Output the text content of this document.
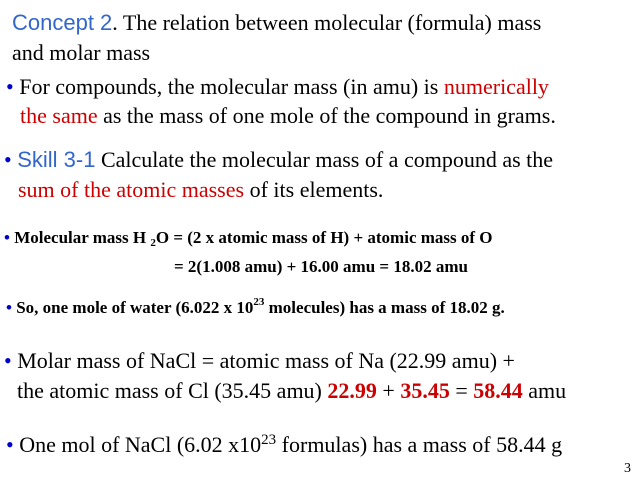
Concept 2. The relation between molecular (formula) mass
and molar mass
• For compounds, the molecular mass (in amu) is numerically
the same as the mass of one mole of the compound in grams.
• Skill 3-1 Calculate the molecular mass of a compound as the
sum of the atomic masses of its elements.
• Molecular mass H $_2$O = (2 x atomic mass of H) + atomic mass of O
= 2(1.008 amu) + 16.00 amu = 18.02 amu
• So, one mole of water (6.022 x $10^{23}$ molecules) has a mass of 18.02 g.
• Molar mass of NaCl = atomic mass of Na (22.99 amu) +
the atomic mass of Cl (35.45 amu) 22.99 + 35.45 = 58.44 amu
• One mol of NaCl (6.02 $x10^{23}$ formulas) has a mass of 58.44 g
3
